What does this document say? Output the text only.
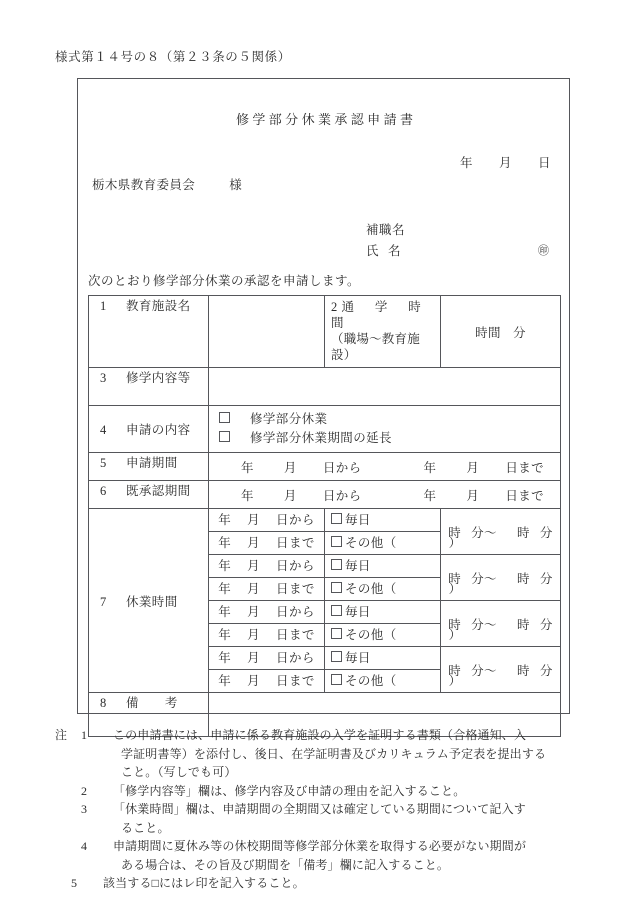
様式第１４号の８（第２３条の５関係）
修学部分休業承認申請書
年 月 日
栃木県教育委員会	様
補職名
氏 名	㊞
次のとおり修学部分休業の承認を申請します。
1 教育施設名		2通　学　時　間
（職場～教育施設）	時間 分

3 修学内容等			

4 申請の内容	修学部分休業
修学部分休業期間の延長		

5 申請期間	年 月 日から 年 月 日まで		

6 既承認期間	年 月 日から 年 月 日まで		

7 休業時間	年 月 日から	毎日	時 分～ 時 分

	年 月 日まで	その他（ ）	

	年 月 日から	毎日	時 分～ 時 分

	年 月 日まで	その他（ ）	

	年 月 日から	毎日	時 分～ 時 分

	年 月 日まで	その他（ ）	

	年 月 日から	毎日	時 分～ 時 分

	年 月 日まで	その他（ ）	

8 備 考			

注 1 この申請書には、申請に係る教育施設の入学を証明する書類（合格通知、入
学証明書等）を添付し、後日、在学証明書及びカリキュラム予定表を提出する
こと。（写しでも可）
2 「修学内容等」欄は、修学内容及び申請の理由を記入すること。
3 「休業時間」欄は、申請期間の全期間又は確定している期間について記入す
ること。
4 申請期間に夏休み等の休校期間等修学部分休業を取得する必要がない期間が
ある場合は、その旨及び期間を「備考」欄に記入すること。
5 該当する□にはレ印を記入すること。
